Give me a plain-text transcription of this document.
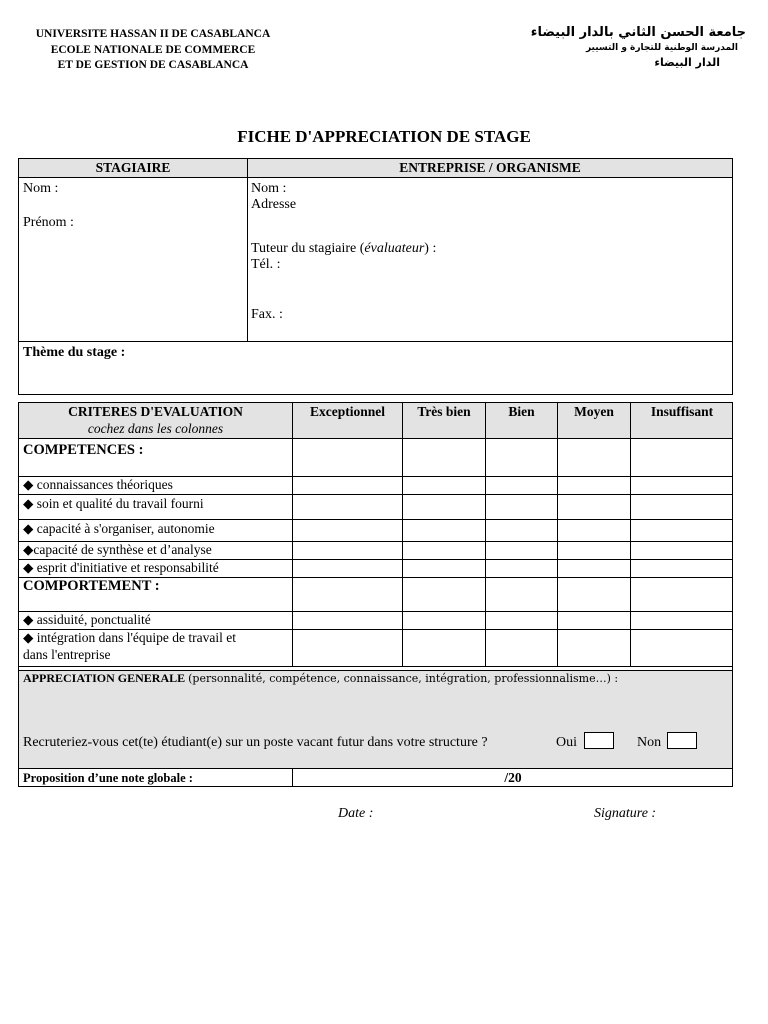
UNIVERSITE HASSAN II DE CASABLANCA
ECOLE NATIONALE DE COMMERCE
ET DE GESTION DE CASABLANCA
جامعة الحسن الثاني بالدار البيضاء
المدرسة الوطنية للتجارة و التسيير
الدار البيضاء
FICHE D'APPRECIATION DE STAGE
STAGIAIRE	ENTREPRISE / ORGANISME
Nom :
Prénom :
Nom :
Adresse
Tuteur du stagiaire (évaluateur) :
Tél. :
Fax. :
Thème du stage :
CRITERES D'EVALUATION
cochez dans les colonnes
Exceptionnel	Très bien	Bien	Moyen	Insuffisant
COMPETENCES :
◆ connaissances théoriques
◆ soin et qualité du travail fourni
◆ capacité à s'organiser, autonomie
◆capacité de synthèse et d’analyse
◆ esprit d'initiative et responsabilité
COMPORTEMENT :
◆ assiduité, ponctualité
◆ intégration dans l'équipe de travail et
dans l'entreprise
APPRECIATION GENERALE (personnalité, compétence, connaissance, intégration, professionnalisme…) :
Recruteriez-vous cet(te) étudiant(e) sur un poste vacant futur dans votre structure ?	Oui	Non
Proposition d’une note globale :	/20
Date :	Signature :
